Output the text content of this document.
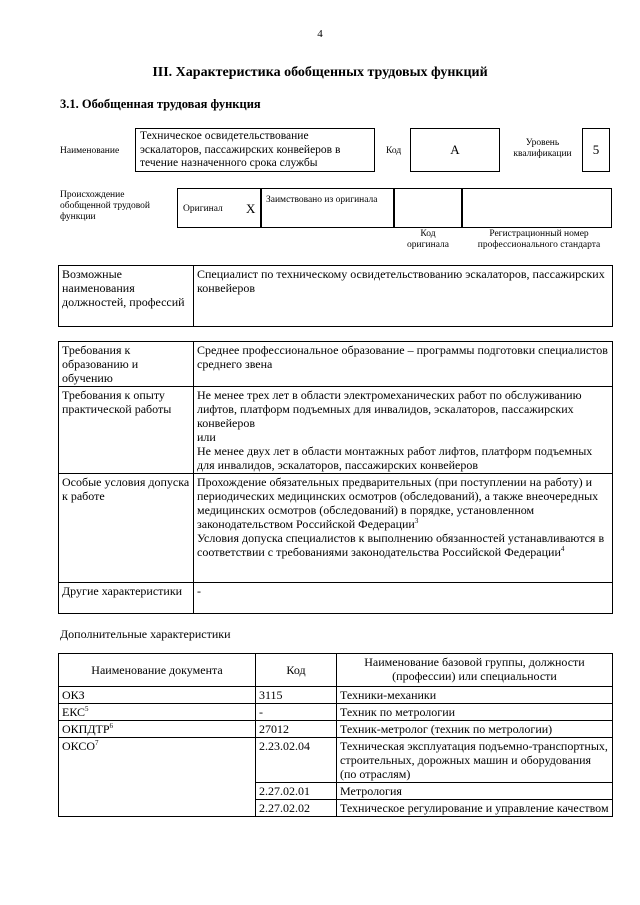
4
III. Характеристика обобщенных трудовых функций
3.1. Обобщенная трудовая функция
Наименование
Техническое освидетельствование эскалаторов, пассажирских конвейеров в течение назначенного срока службы
Код	А	Уровень квалификации	5
Происхождение обобщенной трудовой функции
Оригинал X
Заимствовано из оригинала
Код оригинала
Регистрационный номер профессионального стандарта
Возможные наименования должностей, профессий	Специалист по техническому освидетельствованию эскалаторов, пассажирских конвейеров
Требования к образованию и обучению	Среднее профессиональное образование – программы подготовки специалистов среднего звена
Требования к опыту практической работы	Не менее трех лет в области электромеханических работ по обслуживанию лифтов, платформ подъемных для инвалидов, эскалаторов, пассажирских конвейеров
или
Не менее двух лет в области монтажных работ лифтов, платформ подъемных для инвалидов, эскалаторов, пассажирских конвейеров

Особые условия допуска к работе	Прохождение обязательных предварительных (при поступлении на работу) и периодических медицинских осмотров (обследований), а также внеочередных медицинских осмотров (обследований) в порядке, установленном законодательством Российской Федерации$^3$
Условия допуска специалистов к выполнению обязанностей устанавливаются в соответствии с требованиями законодательства Российской Федерации$^4$

Другие характеристики	-
Дополнительные характеристики
Наименование документа	Код	Наименование базовой группы, должности (профессии) или специальности
ОКЗ	3115	Техники-механики
ЕКС$^5$	-	Техник по метрологии
ОКПДТР$^6$	27012	Техник-метролог (техник по метрологии)
ОКСО$^7$	2.23.02.04	Техническая эксплуатация подъемно-транспортных, строительных, дорожных машин и оборудования (по отраслям)
	2.27.02.01	Метрология
	2.27.02.02	Техническое регулирование и управление качеством
